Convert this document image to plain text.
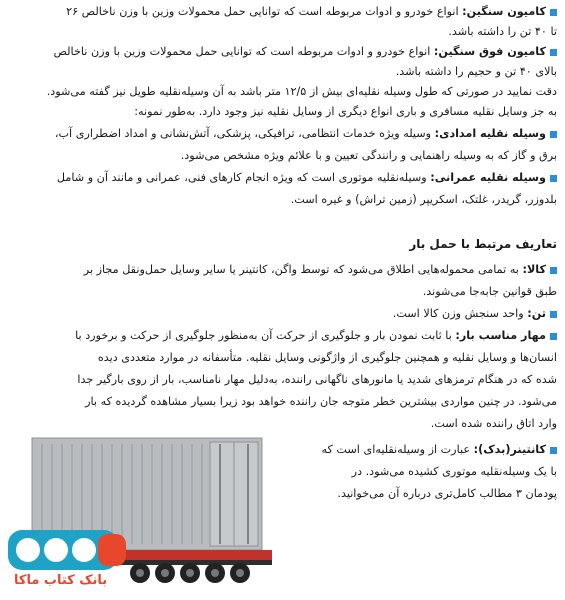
کامیون سنگین: انواع خودرو و ادوات مربوطه است که توانایی حمل محمولات وزین با وزن ناخالص ۲۶
تا ۴۰ تن را داشته باشد.
کامیون فوق سنگین: انواع خودرو و ادوات مربوطه است که توانایی حمل محمولات وزین با وزن ناخالص
بالای ۴۰ تن و حجیم را داشته باشد.
دقت نمایید در صورتی که طول وسیله نقلیه‌ای بیش از ۱۲/۵ متر باشد به آن وسیله‌نقلیه طویل نیز گفته می‌شود.
به جز وسایل نقلیه مسافری و باری انواع دیگری از وسایل نقلیه نیز وجود دارد. به‌طور نمونه:
وسیله نقلیه امدادی: وسیله ویژه خدمات انتظامی، ترافیکی، پزشکی، آتش‌نشانی و امداد اضطراری آب،
برق و گاز که به وسیله راهنمایی و رانندگی تعیین و با علائم ویژه مشخص می‌شود.
وسیله نقلیه عمرانی: وسیله‌نقلیه موتوری است که ویژه انجام کارهای فنی، عمرانی و مانند آن و شامل
بلدوزر، گریدر، غلتک، اسکریپر (زمین تراش) و غیره است.
تعاریف مرتبط با حمل بار
کالا: به تمامی محموله‌هایی اطلاق می‌شود که توسط واگن، کانتینر یا سایر وسایل حمل‌ونقل مجاز بر
طبق قوانین جابه‌جا می‌شوند.
تن: واحد سنجش وزن کالا است.
مهار مناسب بار: با ثابت نمودن بار و جلوگیری از حرکت آن به‌منظور جلوگیری از حرکت و برخورد با
انسان‌ها و وسایل نقلیه و همچنین جلوگیری از واژگونی وسایل نقلیه. متأسفانه در موارد متعددی دیده
شده که در هنگام ترمزهای شدید یا مانورهای ناگهانی راننده، به‌دلیل مهار نامناسب، بار از روی بارگیر جدا
می‌شود. در چنین مواردی بیشترین خطر متوجه جان راننده خواهد بود زیرا بسیار مشاهده گردیده که بار
وارد اتاق راننده شده است.
کانتینر(بدک): عبارت از وسیله‌نقلیه‌ای است که
با یک وسیله‌نقلیه موتوری کشیده می‌شود. در
پودمان ۳ مطالب کامل‌تری درباره آن می‌خوانید.
بانک کتاب ماکا
